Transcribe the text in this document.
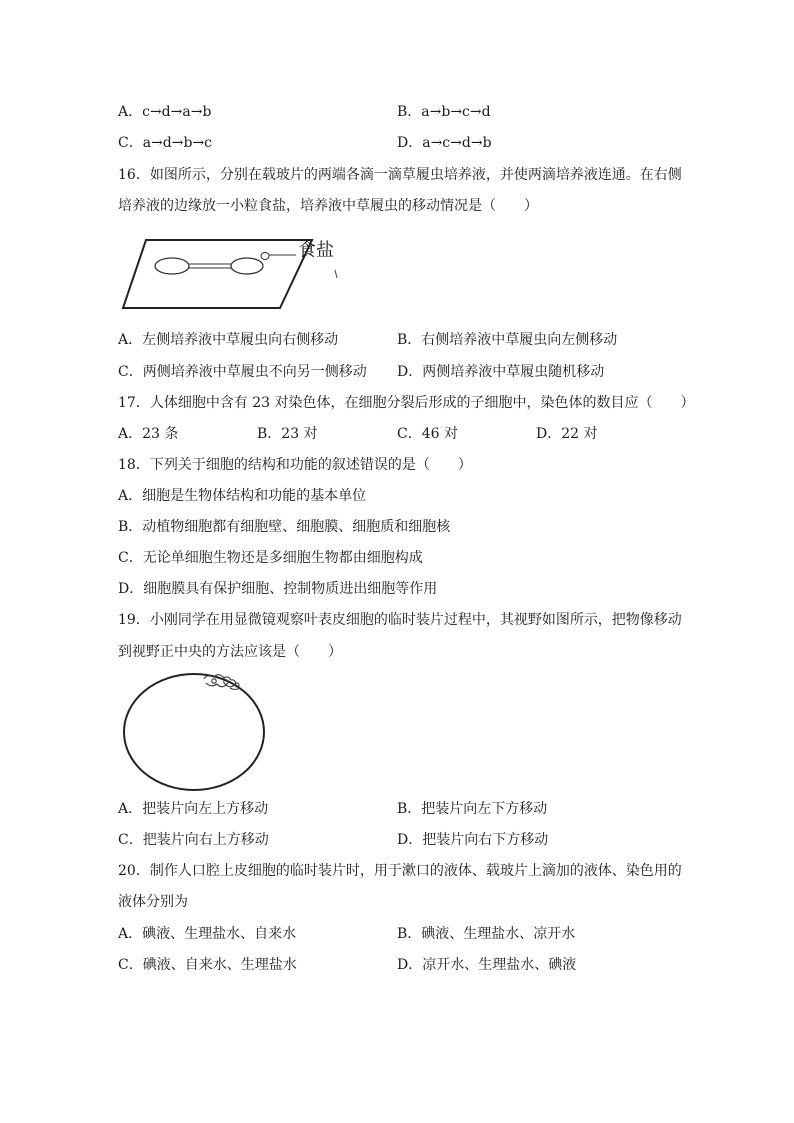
A．c→d→a→b	B．a→b→c→d
C．a→d→b→c	D．a→c→d→b
16．如图所示，分别在载玻片的两端各滴一滴草履虫培养液，并使两滴培养液连通。在右侧
培养液的边缘放一小粒食盐，培养液中草履虫的移动情况是（　　）
食盐
A．左侧培养液中草履虫向右侧移动	B．右侧培养液中草履虫向左侧移动
C．两侧培养液中草履虫不向另一侧移动 D．两侧培养液中草履虫随机移动
17．人体细胞中含有 23 对染色体，在细胞分裂后形成的子细胞中，染色体的数目应（　　）
A．23 条	B．23 对	C．46 对	D．22 对
18．下列关于细胞的结构和功能的叙述错误的是（　　）
A．细胞是生物体结构和功能的基本单位
B．动植物细胞都有细胞壁、细胞膜、细胞质和细胞核
C．无论单细胞生物还是多细胞生物都由细胞构成
D．细胞膜具有保护细胞、控制物质进出细胞等作用
19．小刚同学在用显微镜观察叶表皮细胞的临时装片过程中，其视野如图所示，把物像移动
到视野正中央的方法应该是（　　）
A．把装片向左上方移动	B．把装片向左下方移动
C．把装片向右上方移动	D．把装片向右下方移动
20．制作人口腔上皮细胞的临时装片时，用于漱口的液体、载玻片上滴加的液体、染色用的
液体分别为
A．碘液、生理盐水、自来水	B．碘液、生理盐水、凉开水
C．碘液、自来水、生理盐水	D．凉开水、生理盐水、碘液
